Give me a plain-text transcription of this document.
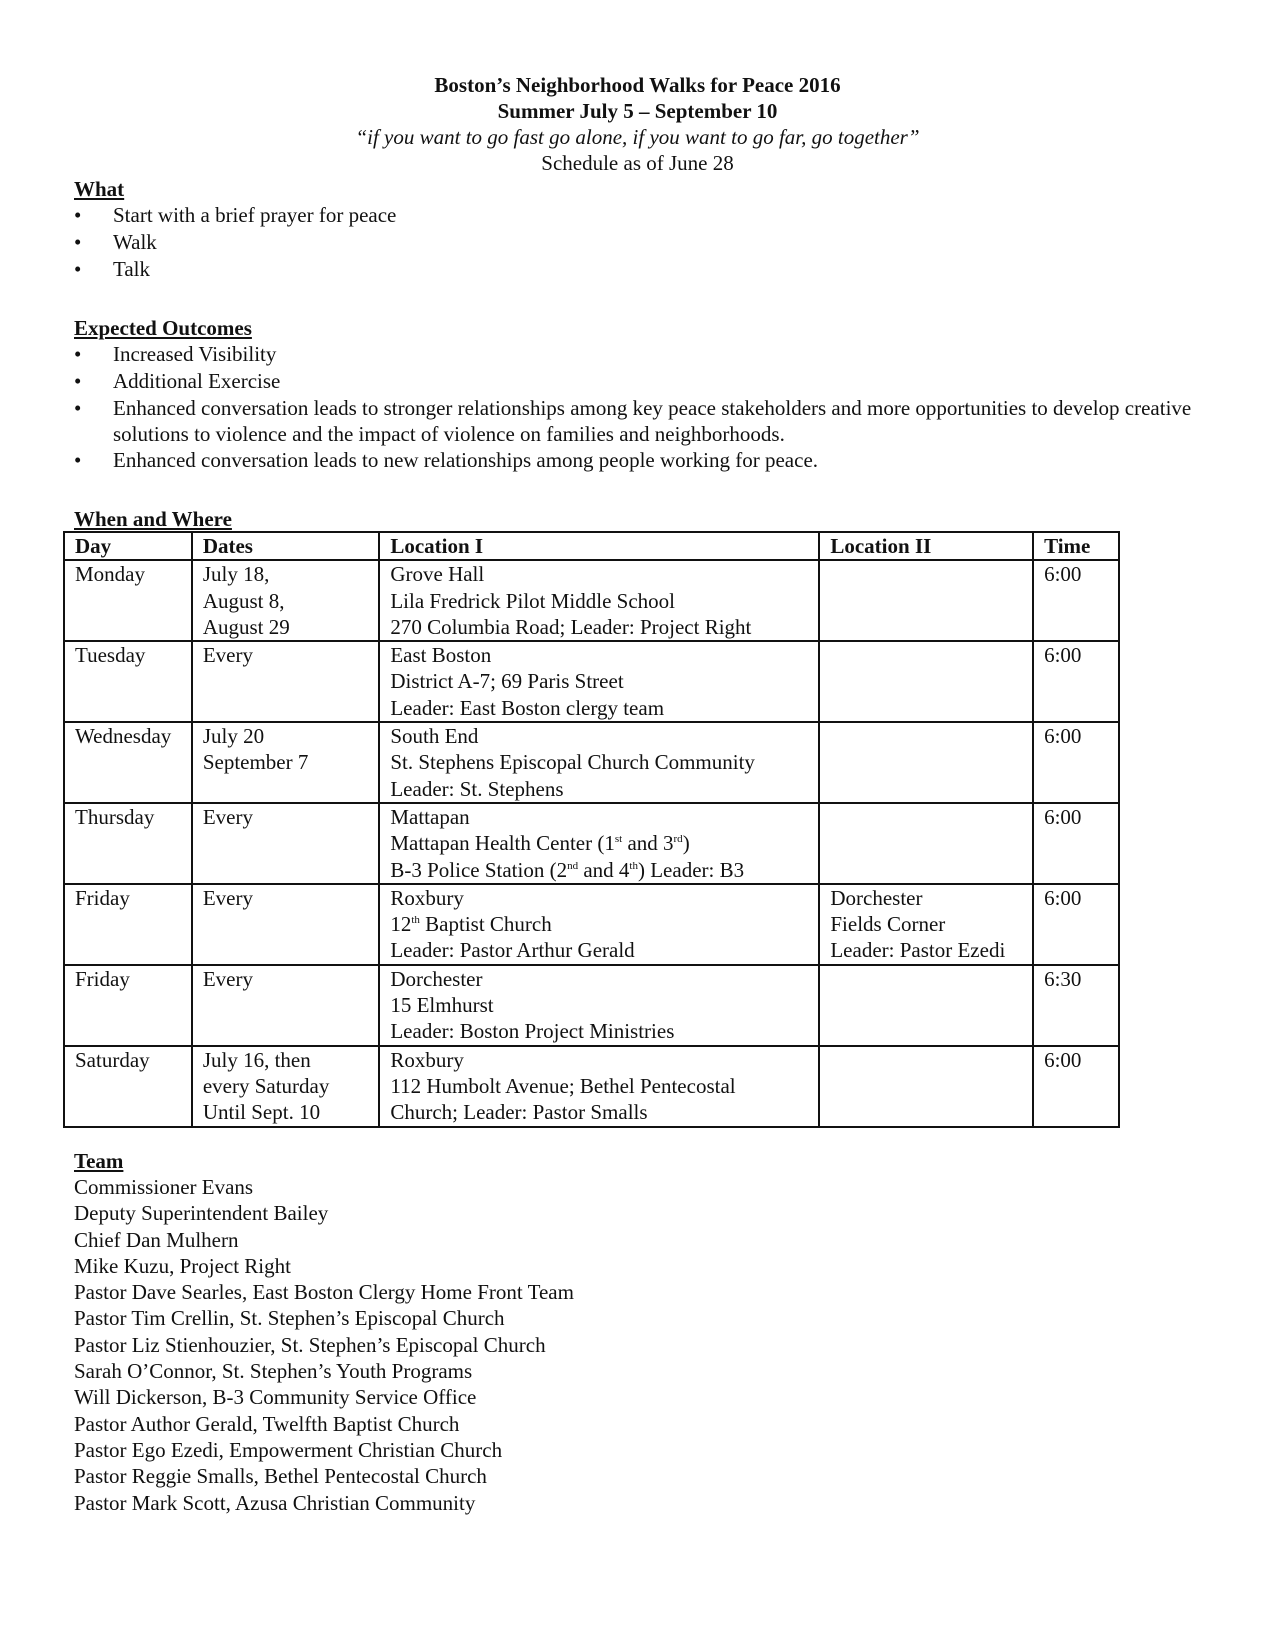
Boston’s Neighborhood Walks for Peace 2016
Summer July 5 – September 10
“if you want to go fast go alone, if you want to go far, go together”
Schedule as of June 28
What
•	Start with a brief prayer for peace
•	Walk
•	Talk
Expected Outcomes
•	Increased Visibility
•	Additional Exercise
•	Enhanced conversation leads to stronger relationships among key peace stakeholders and more opportunities to develop creative solutions to violence and the impact of violence on families and neighborhoods.
•	Enhanced conversation leads to new relationships among people working for peace.
When and Where
Day	Dates	Location I	Location II	Time
Monday	July 18,
August 8,
August 29	Grove Hall
Lila Fredrick Pilot Middle School
270 Columbia Road; Leader: Project Right		6:00
Tuesday	Every	East Boston
District A-7; 69 Paris Street
Leader: East Boston clergy team		6:00
Wednesday	July 20
September 7	South End
St. Stephens Episcopal Church Community
Leader: St. Stephens		6:00
Thursday	Every	Mattapan
Mattapan Health Center (1st and 3rd)
B-3 Police Station (2nd and 4th) Leader: B3		6:00
Friday	Every	Roxbury
12th Baptist Church
Leader: Pastor Arthur Gerald	Dorchester
Fields Corner
Leader: Pastor Ezedi	6:00
Friday	Every	Dorchester
15 Elmhurst
Leader: Boston Project Ministries		6:30
Saturday	July 16, then
every Saturday
Until Sept. 10	Roxbury
112 Humbolt Avenue; Bethel Pentecostal
Church; Leader: Pastor Smalls		6:00
Team
Commissioner Evans
Deputy Superintendent Bailey
Chief Dan Mulhern
Mike Kuzu, Project Right
Pastor Dave Searles, East Boston Clergy Home Front Team
Pastor Tim Crellin, St. Stephen’s Episcopal Church
Pastor Liz Stienhouzier, St. Stephen’s Episcopal Church
Sarah O’Connor, St. Stephen’s Youth Programs
Will Dickerson, B-3 Community Service Office
Pastor Author Gerald, Twelfth Baptist Church
Pastor Ego Ezedi, Empowerment Christian Church
Pastor Reggie Smalls, Bethel Pentecostal Church
Pastor Mark Scott, Azusa Christian Community
